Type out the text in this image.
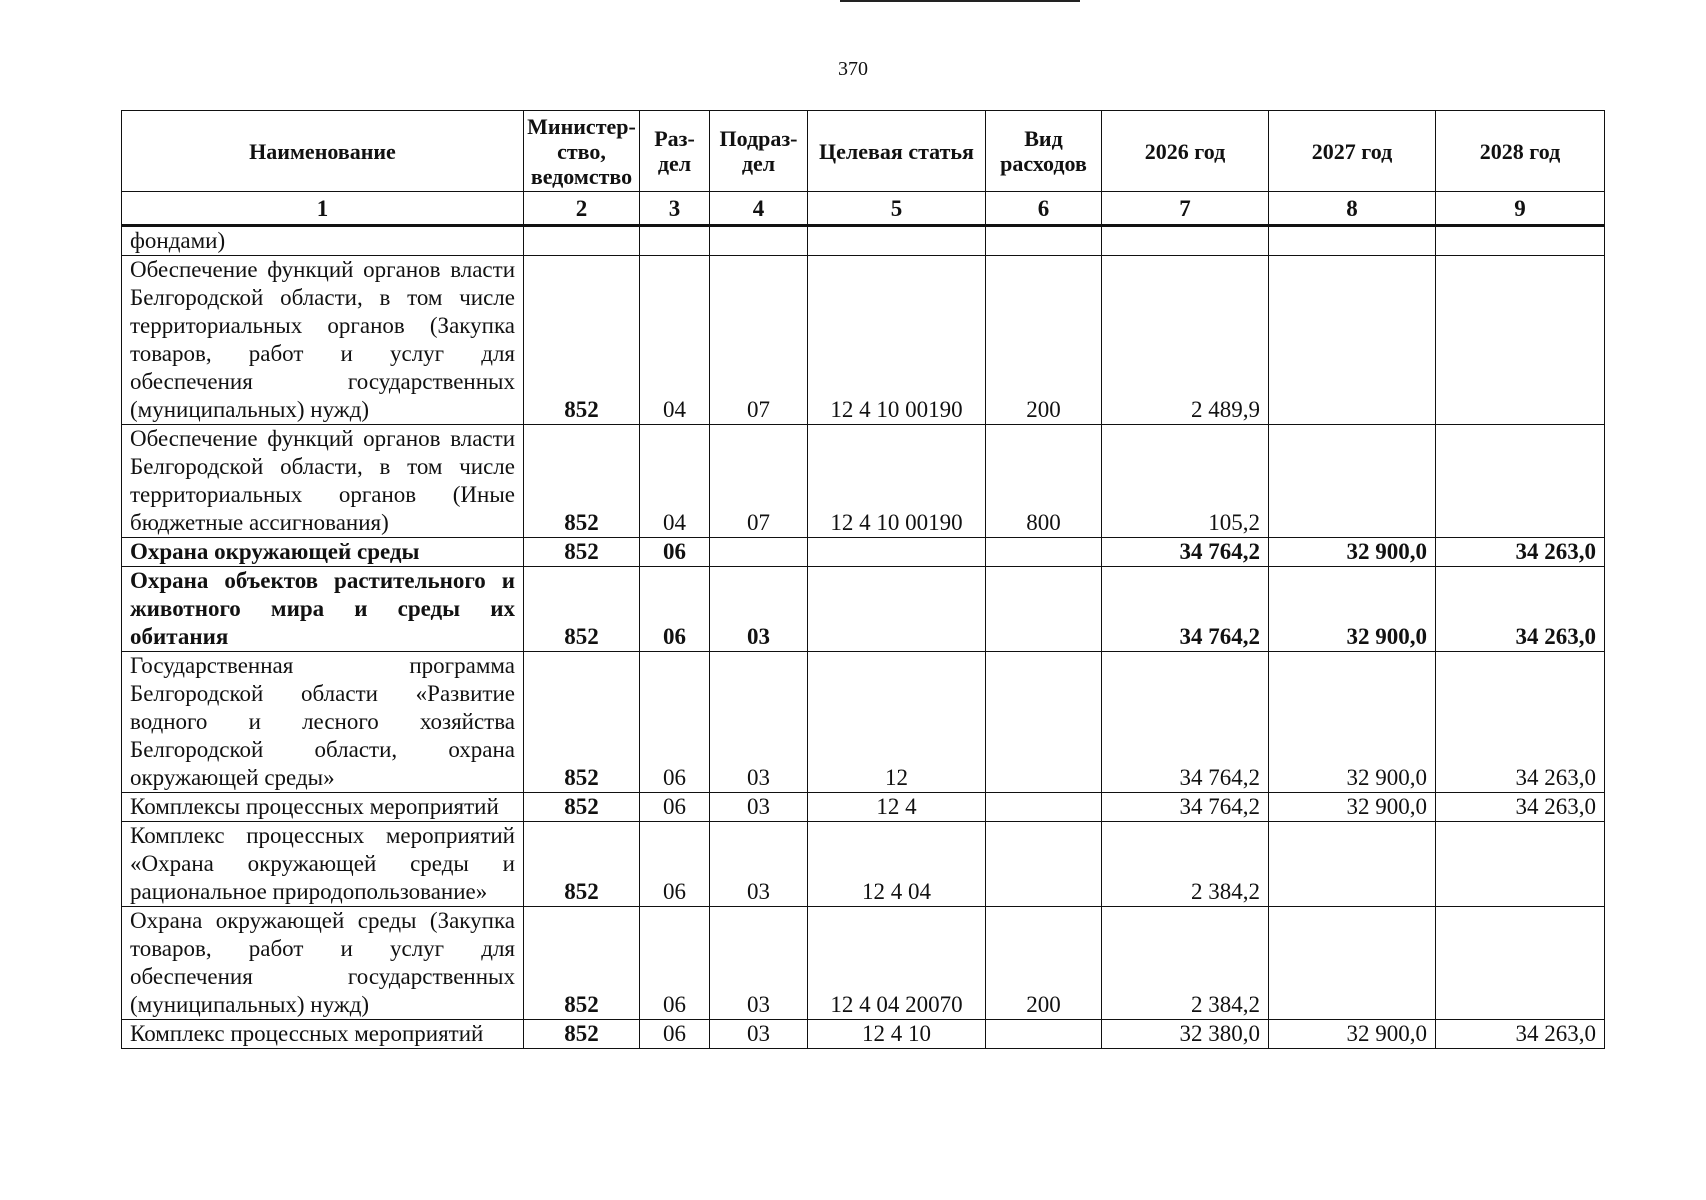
370
Наименование	Министер-ство, ведомство	Раз-дел	Подраз-дел	Целевая статья	Вид расходов	2026 год	2027 год	2028 год
1	2	3	4	5	6	7	8	9
фондами)								
Обеспечение функций органов власти Белгородской области, в том числе территориальных органов (Закупка товаров, работ и услуг для обеспечения государственных (муниципальных) нужд)	852	04	07	12 4 10 00190	200	2 489,9		
Обеспечение функций органов власти Белгородской области, в том числе территориальных органов (Иные бюджетные ассигнования)	852	04	07	12 4 10 00190	800	105,2		
Охрана окружающей среды	852	06				34 764,2	32 900,0	34 263,0
Охрана объектов растительного и животного мира и среды их обитания	852	06	03			34 764,2	32 900,0	34 263,0
Государственная программа Белгородской области «Развитие водного и лесного хозяйства Белгородской области, охрана окружающей среды»	852	06	03	12		34 764,2	32 900,0	34 263,0
Комплексы процессных мероприятий	852	06	03	12 4		34 764,2	32 900,0	34 263,0
Комплекс процессных мероприятий «Охрана окружающей среды и рациональное природопользование»	852	06	03	12 4 04		2 384,2		
Охрана окружающей среды (Закупка товаров, работ и услуг для обеспечения государственных (муниципальных) нужд)	852	06	03	12 4 04 20070	200	2 384,2		
Комплекс процессных мероприятий	852	06	03	12 4 10		32 380,0	32 900,0	34 263,0
